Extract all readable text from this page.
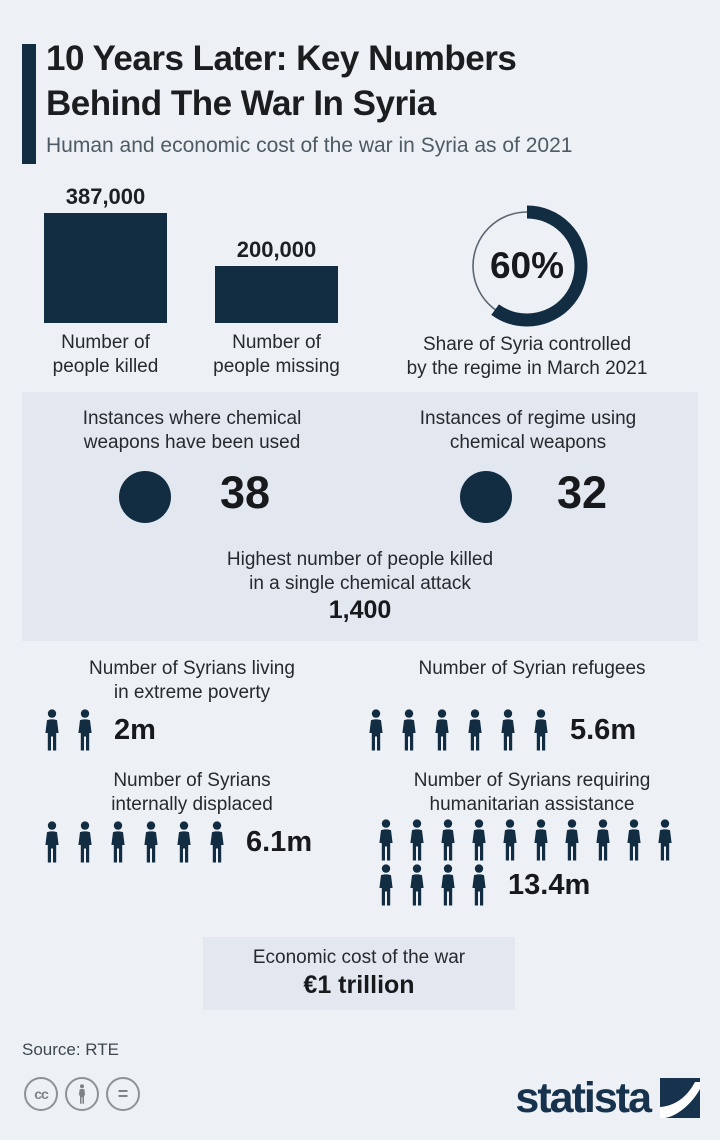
10 Years Later: Key Numbers
Behind The War In Syria
Human and economic cost of the war in Syria as of 2021
387,000
Number of
people killed
200,000
Number of
people missing
60%
Share of Syria controlled
by the regime in March 2021
Instances where chemical
weapons have been used
Instances of regime using
chemical weapons
38	32
Highest number of people killed
in a single chemical attack
1,400
Number of Syrians living
in extreme poverty
Number of Syrian refugees
2m	5.6m
Number of Syrians
internally displaced
Number of Syrians requiring
humanitarian assistance
6.1m
13.4m
Economic cost of the war
€1 trillion
Source: RTE
cc	=	statista
